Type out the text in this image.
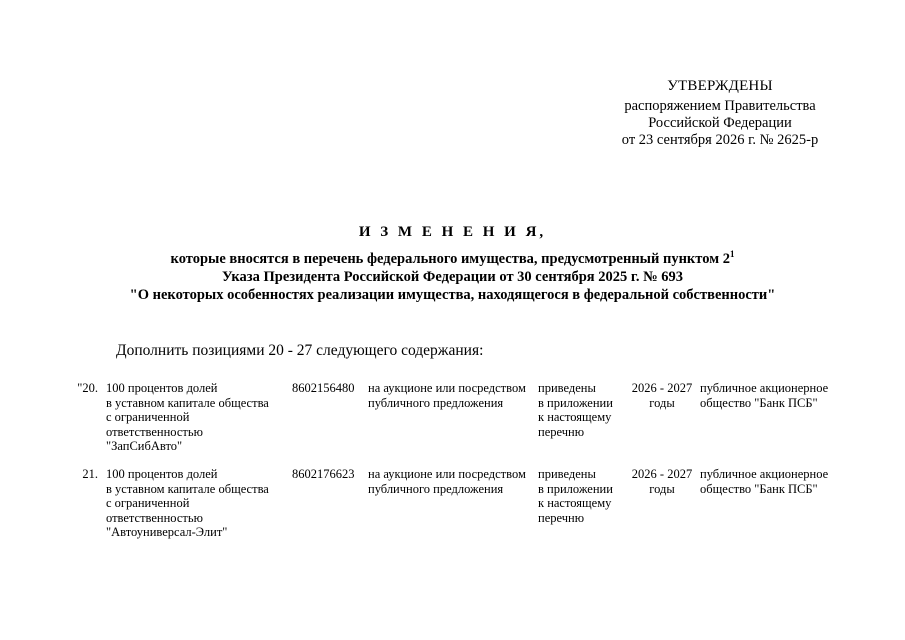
УТВЕРЖДЕНЫ
распоряжением Правительства
Российской Федерации
от 23 сентября 2026 г. № 2625-р
И З М Е Н Е Н И Я,
которые вносятся в перечень федерального имущества, предусмотренный пунктом $2^1$
Указа Президента Российской Федерации от 30 сентября 2025 г. № 693
"О некоторых особенностях реализации имущества, находящегося в федеральной собственности"
Дополнить позициями 20 - 27 следующего содержания:
"20. 100 процентов долей
в уставном капитале общества
с ограниченной
ответственностью
"ЗапСибАвто"
8602156480	на аукционе или посредством
публичного предложения
приведены
в приложении
к настоящему
перечню
2026 - 2027
годы
публичное акционерное
общество "Банк ПСБ"
21. 100 процентов долей
в уставном капитале общества
с ограниченной
ответственностью
"Автоуниверсал-Элит"
8602176623	на аукционе или посредством
публичного предложения
приведены
в приложении
к настоящему
перечню
2026 - 2027
годы
публичное акционерное
общество "Банк ПСБ"
